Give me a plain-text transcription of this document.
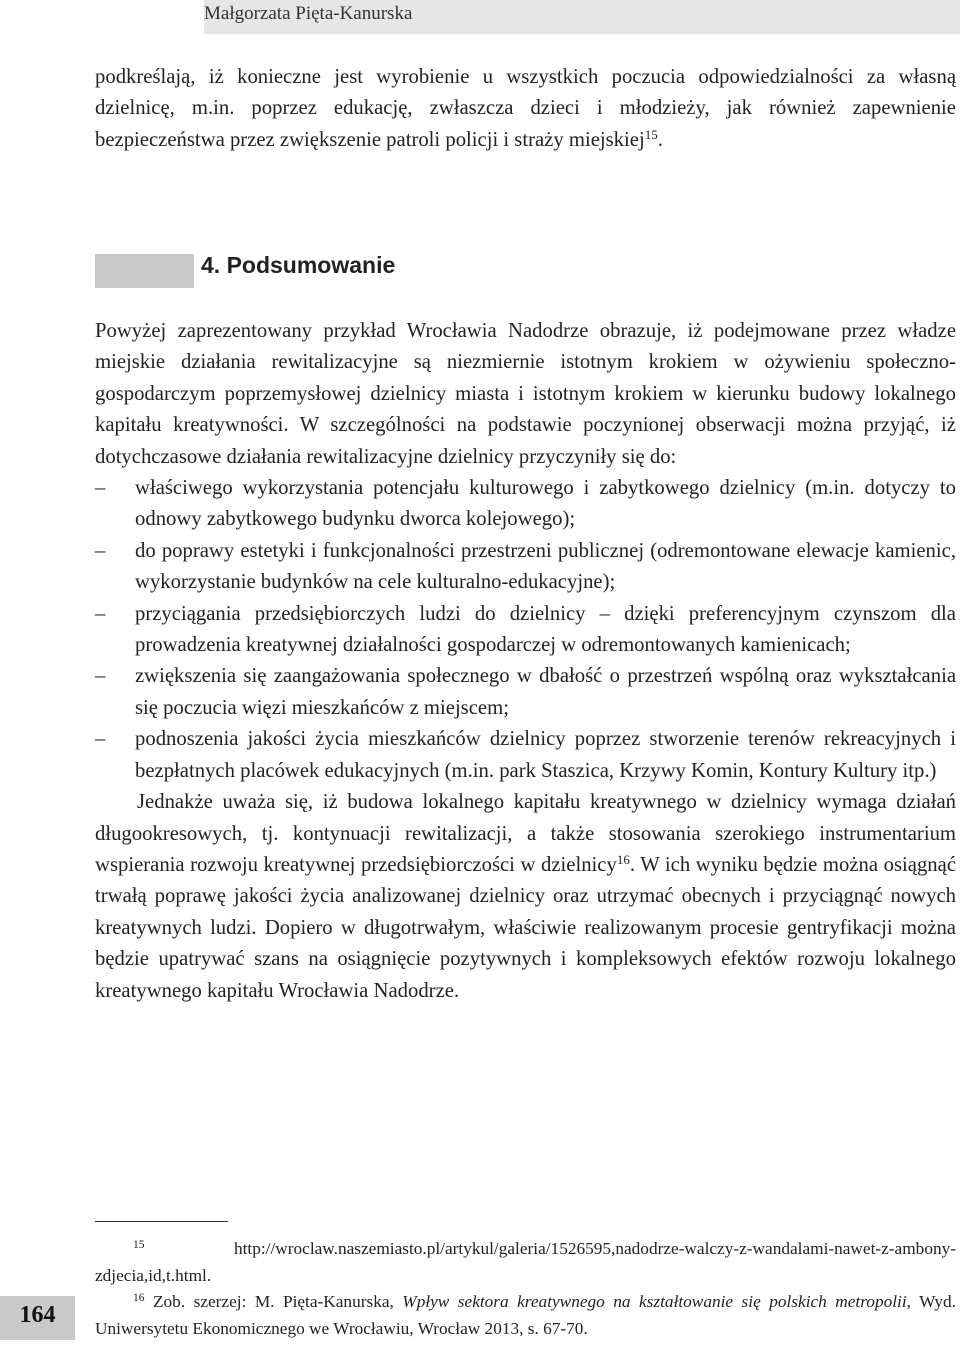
Małgorzata Pięta-Kanurska

podkreślają, iż konieczne jest wyrobienie u wszystkich poczucia odpowiedzialności za własną dzielnicę, m.in. poprzez edukację, zwłaszcza dzieci i młodzieży, jak również zapewnienie bezpieczeństwa przez zwiększenie patroli policji i straży miejskiej$^{15}$.

4. Podsumowanie

Powyżej zaprezentowany przykład Wrocławia Nadodrze obrazuje, iż podejmowane przez władze miejskie działania rewitalizacyjne są niezmiernie istotnym krokiem w ożywieniu społeczno-gospodarczym poprzemysłowej dzielnicy miasta i istotnym krokiem w kierunku budowy lokalnego kapitału kreatywności. W szczególności na podstawie poczynionej obserwacji można przyjąć, iż dotychczasowe działania rewitalizacyjne dzielnicy przyczyniły się do:

– właściwego wykorzystania potencjału kulturowego i zabytkowego dzielnicy (m.in. dotyczy to odnowy zabytkowego budynku dworca kolejowego);
– do poprawy estetyki i funkcjonalności przestrzeni publicznej (odremontowane elewacje kamienic, wykorzystanie budynków na cele kulturalno-edukacyjne);
– przyciągania przedsiębiorczych ludzi do dzielnicy – dzięki preferencyjnym czynszom dla prowadzenia kreatywnej działalności gospodarczej w odremontowanych kamienicach;
– zwiększenia się zaangażowania społecznego w dbałość o przestrzeń wspólną oraz wykształcania się poczucia więzi mieszkańców z miejscem;
– podnoszenia jakości życia mieszkańców dzielnicy poprzez stworzenie terenów rekreacyjnych i bezpłatnych placówek edukacyjnych (m.in. park Staszica, Krzywy Komin, Kontury Kultury itp.)

Jednakże uważa się, iż budowa lokalnego kapitału kreatywnego w dzielnicy wymaga działań długookresowych, tj. kontynuacji rewitalizacji, a także stosowania szerokiego instrumentarium wspierania rozwoju kreatywnej przedsiębiorczości w dzielnicy$^{16}$. W ich wyniku będzie można osiągnąć trwałą poprawę jakości życia analizowanej dzielnicy oraz utrzymać obecnych i przyciągnąć nowych kreatywnych ludzi. Dopiero w długotrwałym, właściwie realizowanym procesie gentryfikacji można będzie upatrywać szans na osiągnięcie pozytywnych i kompleksowych efektów rozwoju lokalnego kreatywnego kapitału Wrocławia Nadodrze.

$^{15}$	http://wroclaw.naszemiasto.pl/artykul/galeria/1526595,nadodrze-walczy-z-wandalami-nawet-z-ambony-zdjecia,id,t.html.

$^{16}$ Zob. szerzej: M. Pięta-Kanurska, Wpływ sektora kreatywnego na kształtowanie się polskich metropolii, Wyd. Uniwersytetu Ekonomicznego we Wrocławiu, Wrocław 2013, s. 67-70.

164
